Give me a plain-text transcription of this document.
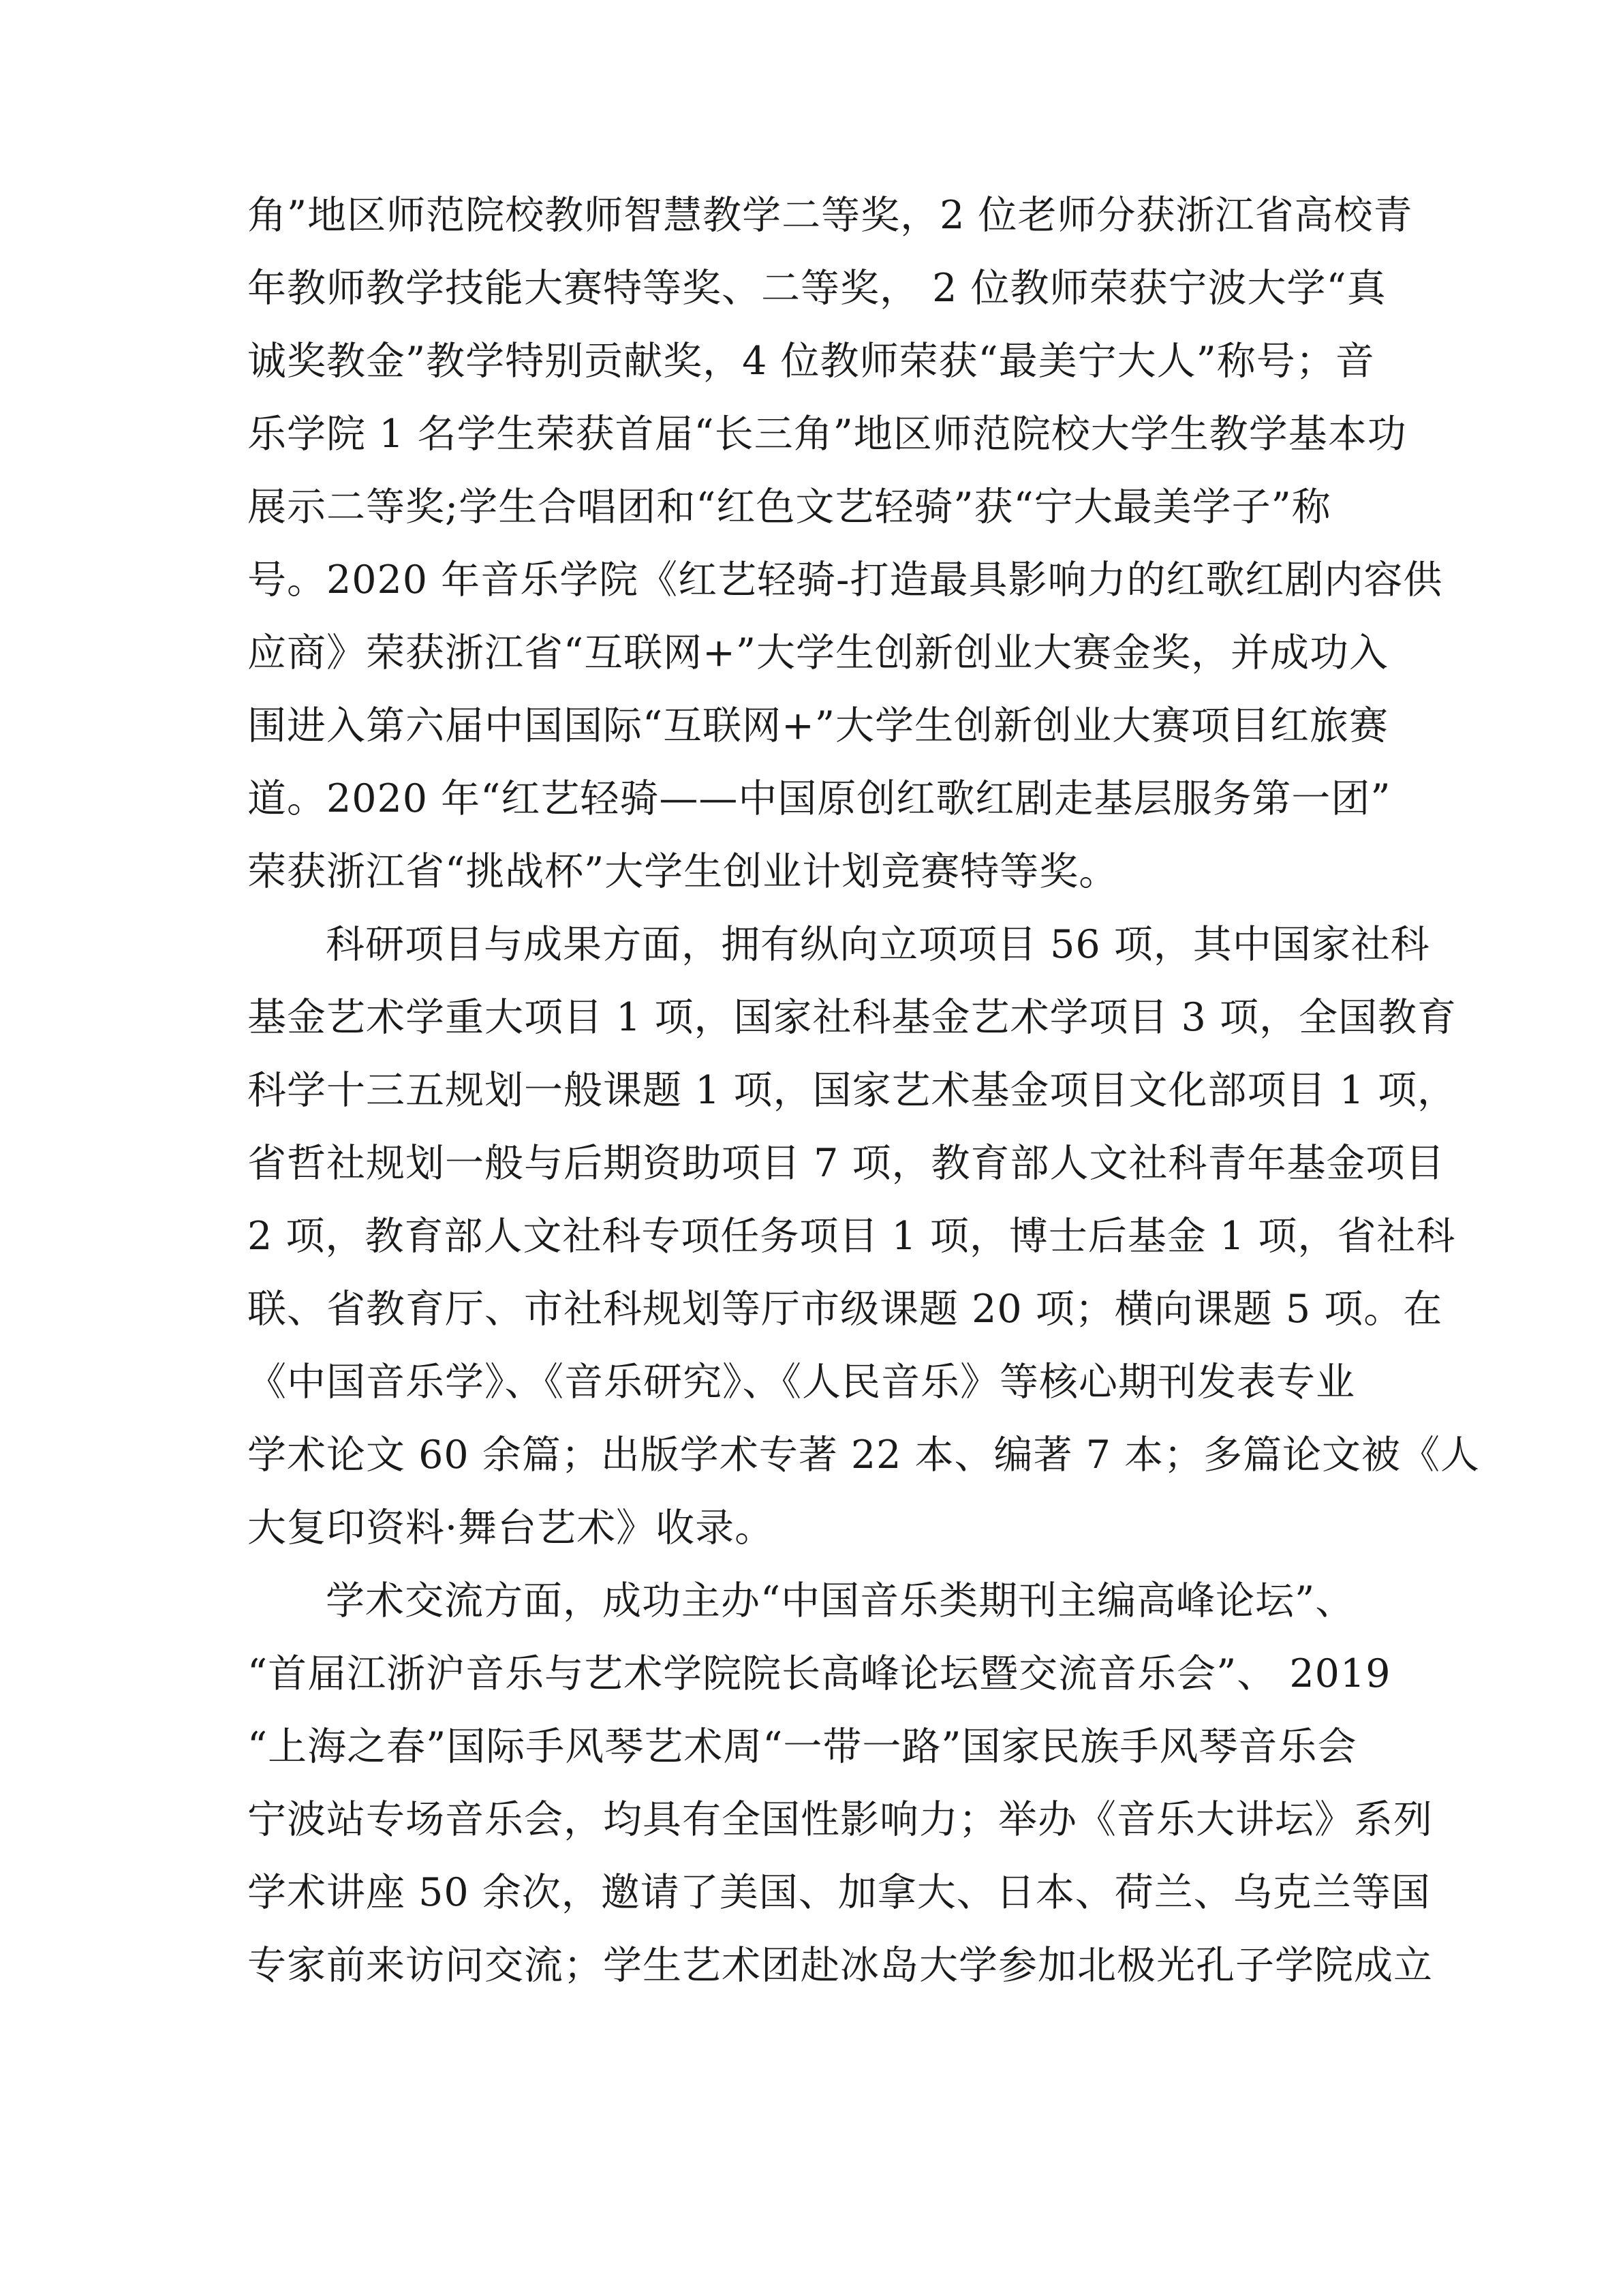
角”地区师范院校教师智慧教学二等奖，2 位老师分获浙江省高校青
年教师教学技能大赛特等奖、二等奖， 2 位教师荣获宁波大学“真
诚奖教金”教学特别贡献奖，4 位教师荣获“最美宁大人”称号；音
乐学院 1 名学生荣获首届“长三角”地区师范院校大学生教学基本功
展示二等奖;学生合唱团和“红色文艺轻骑”获“宁大最美学子”称
号。2020 年音乐学院《红艺轻骑-打造最具影响力的红歌红剧内容供
应商》荣获浙江省“互联网+”大学生创新创业大赛金奖，并成功入
围进入第六届中国国际“互联网+”大学生创新创业大赛项目红旅赛
道。2020 年“红艺轻骑——中国原创红歌红剧走基层服务第一团”
荣获浙江省“挑战杯”大学生创业计划竞赛特等奖。
科研项目与成果方面，拥有纵向立项项目 56 项，其中国家社科
基金艺术学重大项目 1 项，国家社科基金艺术学项目 3 项，全国教育
科学十三五规划一般课题 1 项，国家艺术基金项目文化部项目 1 项，
省哲社规划一般与后期资助项目 7 项，教育部人文社科青年基金项目
2 项，教育部人文社科专项任务项目 1 项，博士后基金 1 项，省社科
联、省教育厅、市社科规划等厅市级课题 20 项；横向课题 5 项。在
《中国音乐学》、《音乐研究》、《人民音乐》等核心期刊发表专业
学术论文 60 余篇；出版学术专著 22 本、编著 7 本；多篇论文被《人
大复印资料·舞台艺术》收录。
学术交流方面，成功主办“中国音乐类期刊主编高峰论坛”、
“首届江浙沪音乐与艺术学院院长高峰论坛暨交流音乐会”、 2019
“上海之春”国际手风琴艺术周“一带一路”国家民族手风琴音乐会
宁波站专场音乐会，均具有全国性影响力；举办《音乐大讲坛》系列
学术讲座 50 余次，邀请了美国、加拿大、日本、荷兰、乌克兰等国
专家前来访问交流；学生艺术团赴冰岛大学参加北极光孔子学院成立
